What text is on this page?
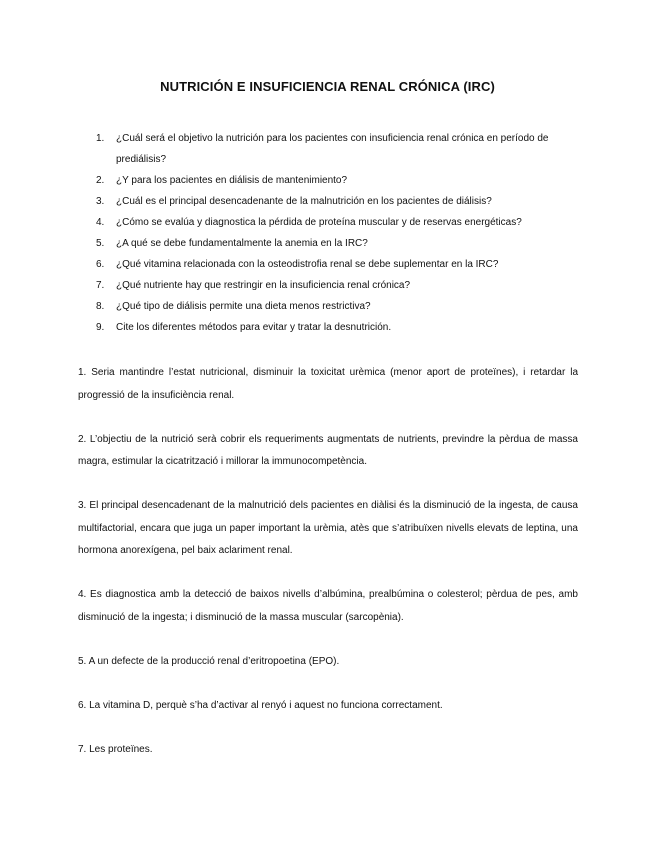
NUTRICIÓN E INSUFICIENCIA RENAL CRÓNICA (IRC)
1. ¿Cuál será el objetivo la nutrición para los pacientes con insuficiencia renal crónica en período de prediálisis?
2. ¿Y para los pacientes en diálisis de mantenimiento?
3. ¿Cuál es el principal desencadenante de la malnutrición en los pacientes de diálisis?
4. ¿Cómo se evalúa y diagnostica la pérdida de proteína muscular y de reservas energéticas?
5. ¿A qué se debe fundamentalmente la anemia en la IRC?
6. ¿Qué vitamina relacionada con la osteodistrofia renal se debe suplementar en la IRC?
7. ¿Qué nutriente hay que restringir en la insuficiencia renal crónica?
8. ¿Qué tipo de diálisis permite una dieta menos restrictiva?
9. Cite los diferentes métodos para evitar y tratar la desnutrición.

1. Seria mantindre l’estat nutricional, disminuir la toxicitat urèmica (menor aport de proteïnes), i retardar la progressió de la insuficiència renal.

2. L’objectiu de la nutrició serà cobrir els requeriments augmentats de nutrients, previndre la pèrdua de massa magra, estimular la cicatrització i millorar la immunocompetència.

3. El principal desencadenant de la malnutrició dels pacientes en diàlisi és la disminució de la ingesta, de causa multifactorial, encara que juga un paper important la urèmia, atès que s’atribuïxen nivells elevats de leptina, una hormona anorexígena, pel baix aclariment renal.

4. Es diagnostica amb la detecció de baixos nivells d’albúmina, prealbúmina o colesterol; pèrdua de pes, amb disminució de la ingesta; i disminució de la massa muscular (sarcopènia).

5. A un defecte de la producció renal d’eritropoetina (EPO).

6. La vitamina D, perquè s’ha d’activar al renyó i aquest no funciona correctament.

7. Les proteïnes.
